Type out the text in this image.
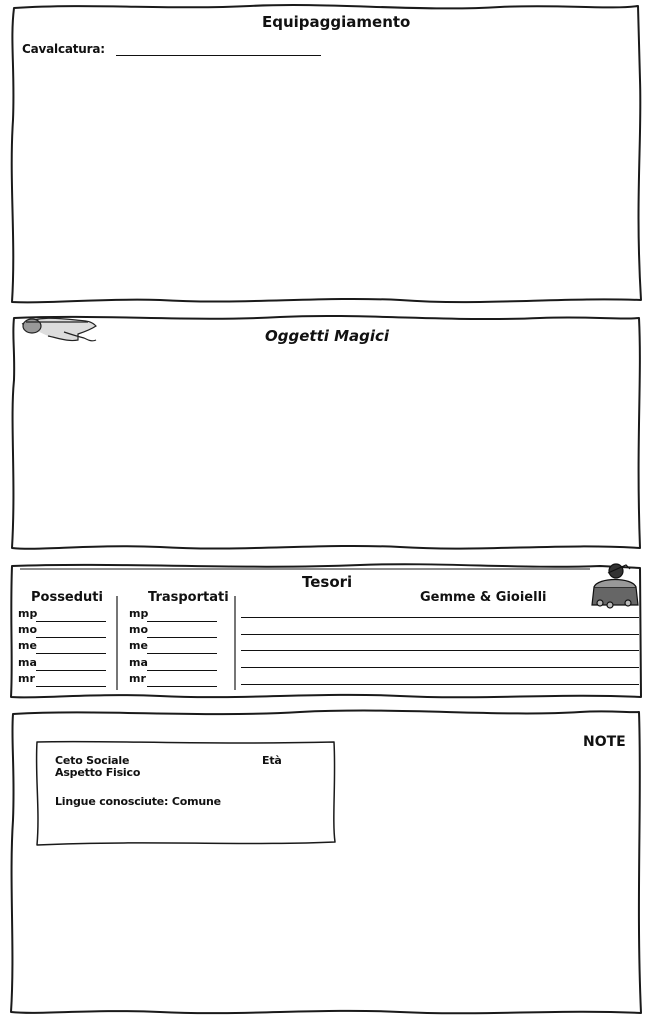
Equipaggiamento
Cavalcatura:
Oggetti Magici
Tesori
Posseduti	Trasportati	Gemme & Gioielli
mp
mo
me
ma
mr
mp
mo
me
ma
mr
NOTE
Ceto Sociale	Età
Aspetto Fisico
Lingue conosciute: Comune
